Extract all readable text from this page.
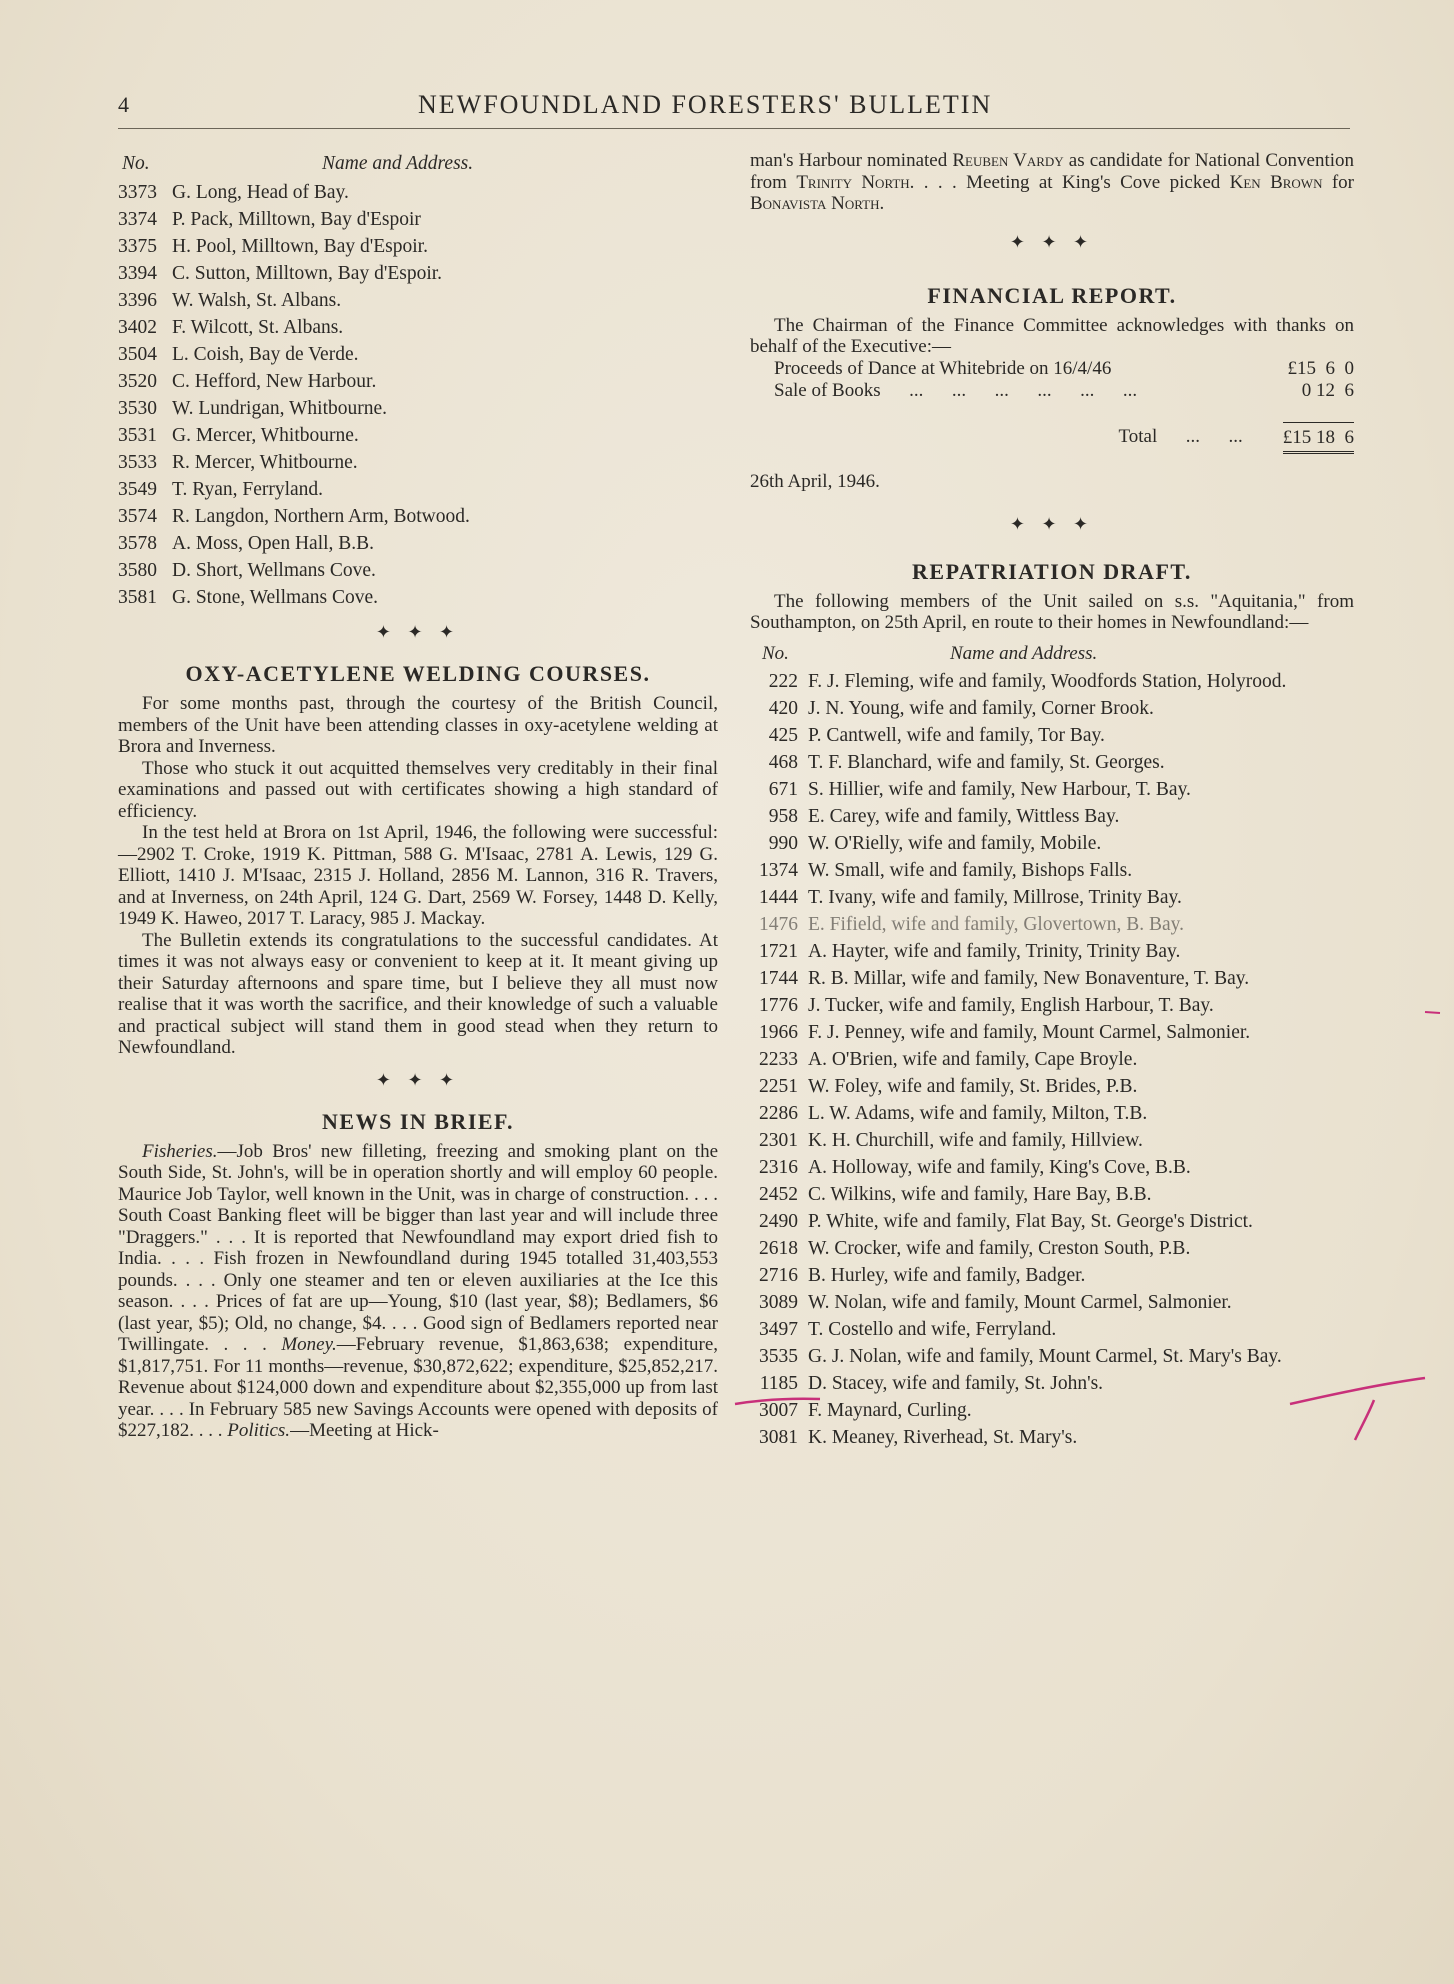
4	NEWFOUNDLAND FORESTERS' BULLETIN
No.	Name and Address.
3373 G. Long, Head of Bay.
3374 P. Pack, Milltown, Bay d'Espoir
3375 H. Pool, Milltown, Bay d'Espoir.
3394 C. Sutton, Milltown, Bay d'Espoir.
3396 W. Walsh, St. Albans.
3402 F. Wilcott, St. Albans.
3504 L. Coish, Bay de Verde.
3520 C. Hefford, New Harbour.
3530 W. Lundrigan, Whitbourne.
3531 G. Mercer, Whitbourne.
3533 R. Mercer, Whitbourne.
3549 T. Ryan, Ferryland.
3574 R. Langdon, Northern Arm, Botwood.
3578 A. Moss, Open Hall, B.B.
3580 D. Short, Wellmans Cove.
3581 G. Stone, Wellmans Cove.
✦ ✦ ✦
OXY-ACETYLENE WELDING COURSES.

For some months past, through the courtesy of the British Council, members of the Unit have been attending classes in oxy-acetylene welding at Brora and Inverness.

Those who stuck it out acquitted themselves very creditably in their final examinations and passed out with certificates showing a high standard of efficiency.

In the test held at Brora on 1st April, 1946, the following were successful:—2902 T. Croke, 1919 K. Pittman, 588 G. M'Isaac, 2781 A. Lewis, 129 G. Elliott, 1410 J. M'Isaac, 2315 J. Holland, 2856 M. Lannon, 316 R. Travers, and at Inverness, on 24th April, 124 G. Dart, 2569 W. Forsey, 1448 D. Kelly, 1949 K. Haweo, 2017 T. Laracy, 985 J. Mackay.

The Bulletin extends its congratulations to the successful candidates. At times it was not always easy or convenient to keep at it. It meant giving up their Saturday afternoons and spare time, but I believe they all must now realise that it was worth the sacrifice, and their knowledge of such a valuable and practical subject will stand them in good stead when they return to Newfoundland.

✦ ✦ ✦
NEWS IN BRIEF.

Fisheries.—Job Bros' new filleting, freezing and smoking plant on the South Side, St. John's, will be in operation shortly and will employ 60 people. Maurice Job Taylor, well known in the Unit, was in charge of construction. . . . South Coast Banking fleet will be bigger than last year and will include three "Draggers." . . . It is reported that Newfoundland may export dried fish to India. . . . Fish frozen in Newfoundland during 1945 totalled 31,403,553 pounds. . . . Only one steamer and ten or eleven auxiliaries at the Ice this season. . . . Prices of fat are up—Young, $10 (last year, $8); Bedlamers, $6 (last year, $5); Old, no change, $4. . . . Good sign of Bedlamers reported near Twillingate. . . . Money.—February revenue, $1,863,638; expenditure, $1,817,751. For 11 months—revenue, $30,872,622; expenditure, $25,852,217. Revenue about $124,000 down and expenditure about $2,355,000 up from last year. . . . In February 585 new Savings Accounts were opened with deposits of $227,182. . . . Politics.—Meeting at Hick-

man's Harbour nominated Reuben Vardy as candidate for National Convention from Trinity North. . . . Meeting at King's Cove picked Ken Brown for Bonavista North.

✦ ✦ ✦
FINANCIAL REPORT.

The Chairman of the Finance Committee acknowledges with thanks on behalf of the Executive:—

Proceeds of Dance at Whitebride on 16/4/46	£15  6  0
Sale of Books      ...      ...      ...      ...      ...      ...	0 12  6
Total      ...      ... £15 18  6
26th April, 1946.
✦ ✦ ✦
REPATRIATION DRAFT.

The following members of the Unit sailed on s.s. "Aquitania," from Southampton, on 25th April, en route to their homes in Newfoundland:—

No.	Name and Address.
222 F. J. Fleming, wife and family, Woodfords Station, Holyrood.
420 J. N. Young, wife and family, Corner Brook.
425 P. Cantwell, wife and family, Tor Bay.
468 T. F. Blanchard, wife and family, St. Georges.
671 S. Hillier, wife and family, New Harbour, T. Bay.
958 E. Carey, wife and family, Wittless Bay.
990 W. O'Rielly, wife and family, Mobile.
1374 W. Small, wife and family, Bishops Falls.
1444 T. Ivany, wife and family, Millrose, Trinity Bay.
1476 E. Fifield, wife and family, Glovertown, B. Bay.
1721 A. Hayter, wife and family, Trinity, Trinity Bay.
1744 R. B. Millar, wife and family, New Bonaventure, T. Bay.
1776 J. Tucker, wife and family, English Harbour, T. Bay.
1966 F. J. Penney, wife and family, Mount Carmel, Salmonier.
2233 A. O'Brien, wife and family, Cape Broyle.
2251 W. Foley, wife and family, St. Brides, P.B.
2286 L. W. Adams, wife and family, Milton, T.B.
2301 K. H. Churchill, wife and family, Hillview.
2316 A. Holloway, wife and family, King's Cove, B.B.
2452 C. Wilkins, wife and family, Hare Bay, B.B.
2490 P. White, wife and family, Flat Bay, St. George's District.
2618 W. Crocker, wife and family, Creston South, P.B.
2716 B. Hurley, wife and family, Badger.
3089 W. Nolan, wife and family, Mount Carmel, Salmonier.
3497 T. Costello and wife, Ferryland.
3535 G. J. Nolan, wife and family, Mount Carmel, St. Mary's Bay.
1185 D. Stacey, wife and family, St. John's.
3007 F. Maynard, Curling.
3081 K. Meaney, Riverhead, St. Mary's.
